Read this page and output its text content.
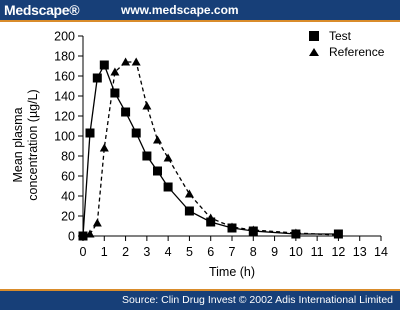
Medscape®	www.medscape.com
0
20
40
60
80
100
120
140
160
180
200
0 1 2 3 4 5 6 7 8 9 10 11 12 13 14
Time (h)
Mean plasma concentration (µg/L)
Test
Reference
Source: Clin Drug Invest © 2002 Adis International Limited
